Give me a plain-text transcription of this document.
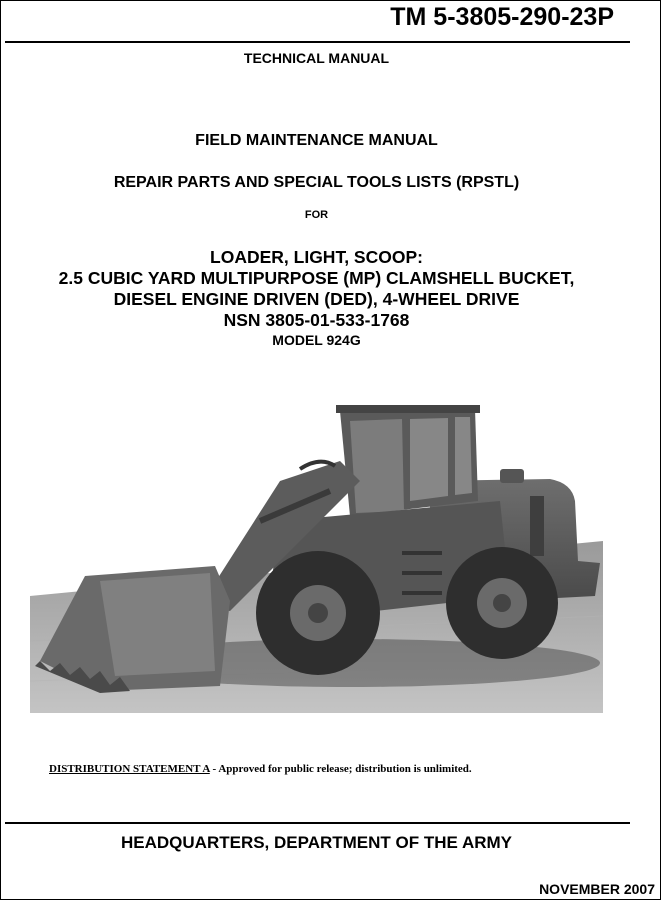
TM 5-3805-290-23P
TECHNICAL MANUAL
FIELD MAINTENANCE MANUAL
REPAIR PARTS AND SPECIAL TOOLS LISTS (RPSTL)
FOR
LOADER, LIGHT, SCOOP:
2.5 CUBIC YARD MULTIPURPOSE (MP) CLAMSHELL BUCKET,
DIESEL ENGINE DRIVEN (DED), 4-WHEEL DRIVE
NSN 3805-01-533-1768
MODEL 924G
DISTRIBUTION STATEMENT A - Approved for public release; distribution is unlimited.
HEADQUARTERS, DEPARTMENT OF THE ARMY
NOVEMBER 2007
